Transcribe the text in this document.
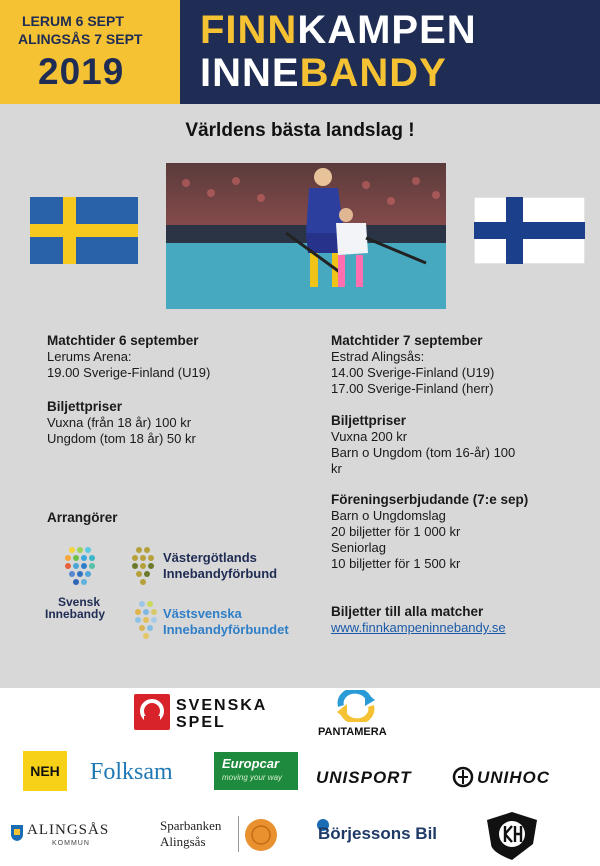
LERUM 6 SEPT
ALINGSÅS 7 SEPT
2019
FINNKAMPEN
INNEBANDY
Världens bästa landslag !
Matchtider 6 september
Lerums Arena:
19.00 Sverige-Finland (U19)
Biljettpriser
Vuxna (från 18 år) 100 kr
Ungdom (tom 18 år) 50 kr
Arrangörer
Svensk
Innebandy
Västergötlands
Innebandyförbund
Västsvenska
Innebandyförbundet
Matchtider 7 september
Estrad Alingsås:
14.00 Sverige-Finland (U19)
17.00 Sverige-Finland (herr)
Biljettpriser
Vuxna 200 kr
Barn o Ungdom (tom 16-år) 100
kr
Föreningserbjudande (7:e sep)
Barn o Ungdomslag
20 biljetter för 1 000 kr
Seniorlag
10 biljetter för 1 500 kr
Biljetter till alla matcher
www.finnkampeninnebandy.se
SVENSKA
SPEL
PANTAMERA
NEH	Folksam	Europcar
moving your way	UNISPORT	UNIHOC
ALINGSÅS
KOMMUN
Sparbanken
Alingsås	Börjessons Bil
